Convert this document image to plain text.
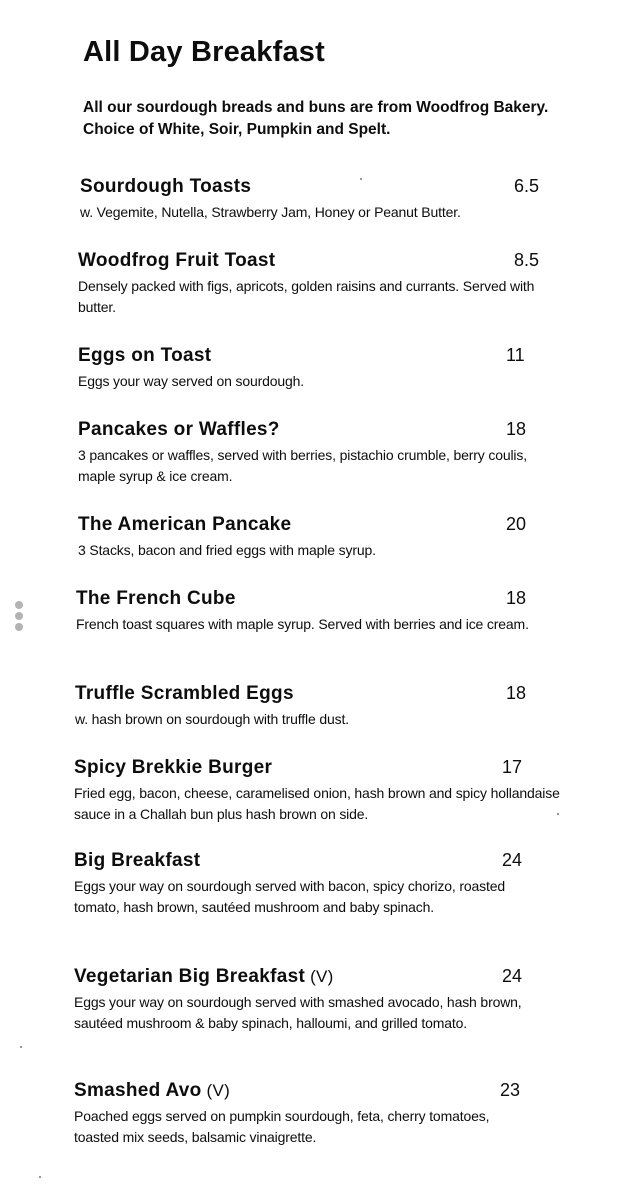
All Day Breakfast
All our sourdough breads and buns are from Woodfrog Bakery. Choice of White, Soir, Pumpkin and Spelt.
Sourdough Toasts	6.5
w. Vegemite, Nutella, Strawberry Jam, Honey or Peanut Butter.
Woodfrog Fruit Toast	8.5
Densely packed with figs, apricots, golden raisins and currants. Served with butter.
Eggs on Toast	11
Eggs your way served on sourdough.
Pancakes or Waffles?	18
3 pancakes or waffles, served with berries, pistachio crumble, berry coulis, maple syrup & ice cream.
The American Pancake	20
3 Stacks, bacon and fried eggs with maple syrup.
The French Cube	18
French toast squares with maple syrup. Served with berries and ice cream.
Truffle Scrambled Eggs	18
w. hash brown on sourdough with truffle dust.
Spicy Brekkie Burger	17
Fried egg, bacon, cheese, caramelised onion, hash brown and spicy hollandaise sauce in a Challah bun plus hash brown on side.
Big Breakfast	24
Eggs your way on sourdough served with bacon, spicy chorizo, roasted tomato, hash brown, sautéed mushroom and baby spinach.
Vegetarian Big Breakfast (V)	24
Eggs your way on sourdough served with smashed avocado, hash brown, sautéed mushroom & baby spinach, halloumi, and grilled tomato.
Smashed Avo (V)	23
Poached eggs served on pumpkin sourdough, feta, cherry tomatoes, toasted mix seeds, balsamic vinaigrette.
